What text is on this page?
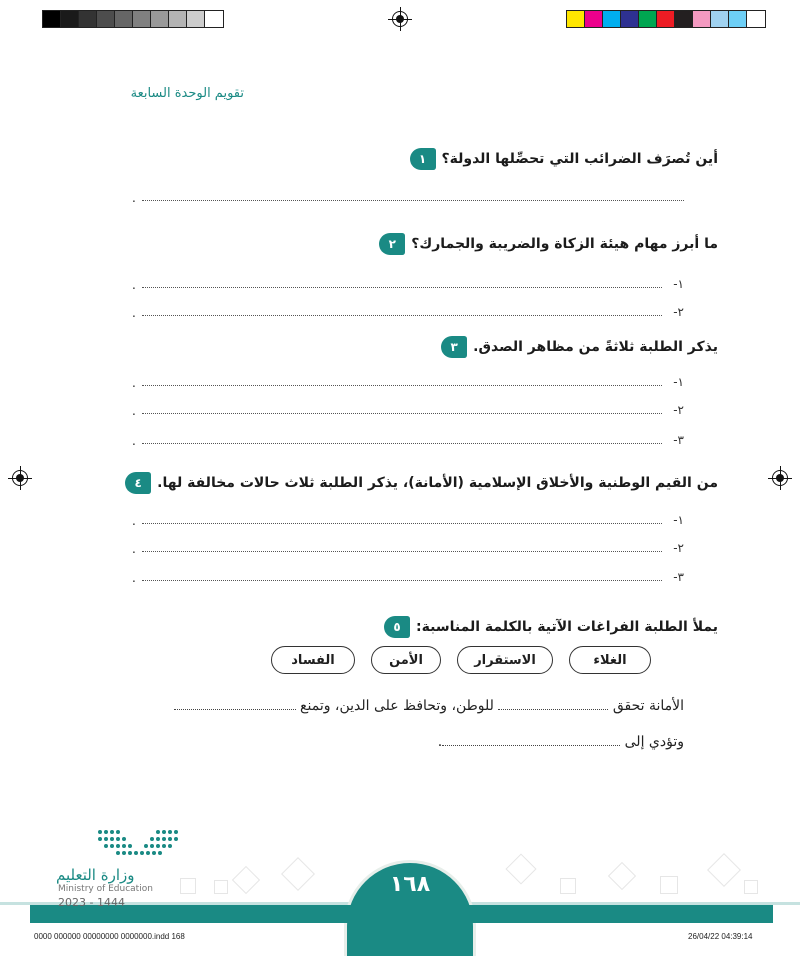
تقويم الوحدة السابعة
١	أين تُصرَف الضرائب التي تحصِّلها الدولة؟
.
٢	ما أبرز مهام هيئة الزكاة والضريبة والجمارك؟
١-
.
٢-
.
٣	يذكر الطلبة ثلاثةً من مظاهر الصدق.
١-
.
٢-
.
٣-
.
٤	من القيم الوطنية والأخلاق الإسلامية (الأمانة)، يذكر الطلبة ثلاث حالات مخالفة لها.
١-
.
٢-
.
٣-
.
٥	يملأ الطلبة الفراغات الآتية بالكلمة المناسبة:
الفساد	الأمن	الاستقرار	الغلاء
الأمانة تحقق  للوطن، وتحافظ على الدين، وتمنع
وتؤدي إلى .
١٦٨
وزارة التعليم
Ministry of Education
2023 - 1444
0000 000000 00000000 0000000.indd 168	26/04/22 04:39:14
